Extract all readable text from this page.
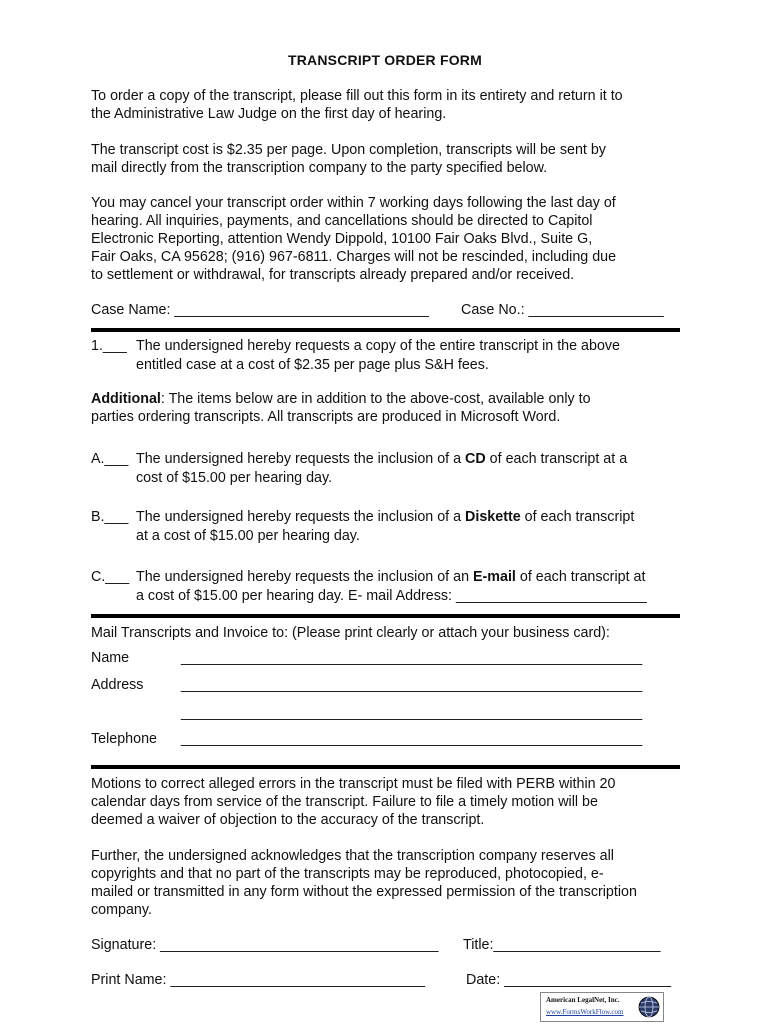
TRANSCRIPT ORDER FORM
To order a copy of the transcript, please fill out this form in its entirety and return it to
the Administrative Law Judge on the first day of hearing.
The transcript cost is $2.35 per page. Upon completion, transcripts will be sent by
mail directly from the transcription company to the party specified below.
You may cancel your transcript order within 7 working days following the last day of
hearing. All inquiries, payments, and cancellations should be directed to Capitol
Electronic Reporting, attention Wendy Dippold, 10100 Fair Oaks Blvd., Suite G,
Fair Oaks, CA 95628; (916) 967-6811. Charges will not be rescinded, including due
to settlement or withdrawal, for transcripts already prepared and/or received.
Case Name: ________________________________ Case No.: _________________
1.___ The undersigned hereby requests a copy of the entire transcript in the above
entitled case at a cost of $2.35 per page plus S&H fees.
Additional: The items below are in addition to the above-cost, available only to
parties ordering transcripts. All transcripts are produced in Microsoft Word.
A.___ The undersigned hereby requests the inclusion of a CD of each transcript at a
cost of $15.00 per hearing day.
B.___ The undersigned hereby requests the inclusion of a Diskette of each transcript
at a cost of $15.00 per hearing day.
C.___ The undersigned hereby requests the inclusion of an E-mail of each transcript at
a cost of $15.00 per hearing day. E- mail Address: ________________________
Mail Transcripts and Invoice to: (Please print clearly or attach your business card):
Name	__________________________________________________________
Address	__________________________________________________________
__________________________________________________________
Telephone __________________________________________________________
Motions to correct alleged errors in the transcript must be filed with PERB within 20
calendar days from service of the transcript. Failure to file a timely motion will be
deemed a waiver of objection to the accuracy of the transcript.
Further, the undersigned acknowledges that the transcription company reserves all
copyrights and that no part of the transcripts may be reproduced, photocopied, e-
mailed or transmitted in any form without the expressed permission of the transcription
company.
Signature: ___________________________________ Title:_____________________
Print Name: ________________________________	Date: _____________________
American LegalNet, Inc.
www.FormsWorkFlow.com
